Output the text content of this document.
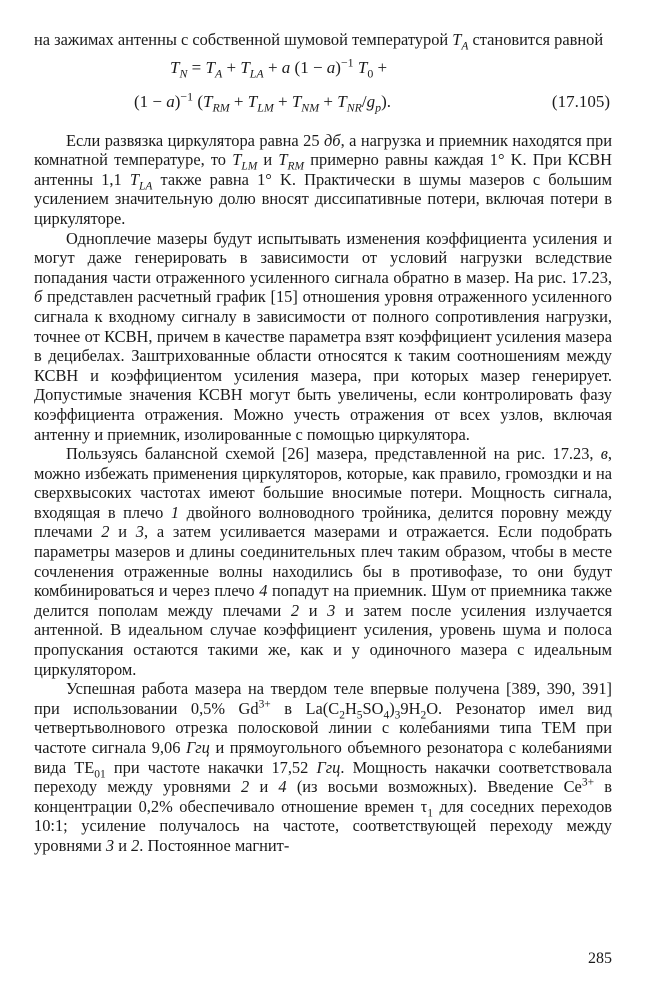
на зажимах антенны с собственной шумовой температурой $T_A$ становится равной

$T_N = T_A + T_{LA} + a$ $(1 - a)^{-1}$ $T_0$ +
$(1 - a)^{-1}$ $(T_{RM} + T_{LM} + T_{NM} + T_{NR}/g_p)$.	(17.105)

Если развязка циркулятора равна 25 дб, а нагрузка и приемник находятся при комнатной температуре, то $T_{LM}$ и $T_{RM}$ примерно равны каждая 1° K. При КСВН антенны 1,1 $T_{LA}$ также равна 1° K. Практически в шумы мазеров с большим усилением значительную долю вносят диссипативные потери, включая потери в циркуляторе.

Одноплечие мазеры будут испытывать изменения коэффициента усиления и могут даже генерировать в зависимости от условий нагрузки вследствие попадания части отраженного усиленного сигнала обратно в мазер. На рис. 17.23, б представлен расчетный график [15] отношения уровня отраженного усиленного сигнала к входному сигналу в зависимости от полного сопротивления нагрузки, точнее от КСВН, причем в качестве параметра взят коэффициент усиления мазера в децибелах. Заштрихованные области относятся к таким соотношениям между КСВН и коэффициентом усиления мазера, при которых мазер генерирует. Допустимые значения КСВН могут быть увеличены, если контролировать фазу коэффициента отражения. Можно учесть отражения от всех узлов, включая антенну и приемник, изолированные с помощью циркулятора.

Пользуясь балансной схемой [26] мазера, представленной на рис. 17.23, в, можно избежать применения циркуляторов, которые, как правило, громоздки и на сверхвысоких частотах имеют большие вносимые потери. Мощность сигнала, входящая в плечо 1 двойного волноводного тройника, делится поровну между плечами 2 и 3, а затем усиливается мазерами и отражается. Если подобрать параметры мазеров и длины соединительных плеч таким образом, чтобы в месте сочленения отраженные волны находились бы в противофазе, то они будут комбинироваться и через плечо 4 попадут на приемник. Шум от приемника также делится пополам между плечами 2 и 3 и затем после усиления излучается антенной. В идеальном случае коэффициент усиления, уровень шума и полоса пропускания остаются такими же, как и у одиночного мазера с идеальным циркулятором.

Успешная работа мазера на твердом теле впервые получена [389, 390, 391] при использовании 0,5% $Gd^{3+}$ в $La(C_2H_5SO_4)_39H_2O$. Резонатор имел вид четвертьволнового отрезка полосковой линии с колебаниями типа TEM при частоте сигнала 9,06 Ггц и прямоугольного объемного резонатора с колебаниями вида $TE_{01}$ при частоте накачки 17,52 Ггц. Мощность накачки соответствовала переходу между уровнями 2 и 4 (из восьми возможных). Введение $Ce^{3+}$ в концентрации 0,2% обеспечивало отношение времен $\tau_1$ для соседних переходов 10:1; усиление получалось на частоте, соответствующей переходу между уровнями 3 и 2. Постоянное магнит-

285
